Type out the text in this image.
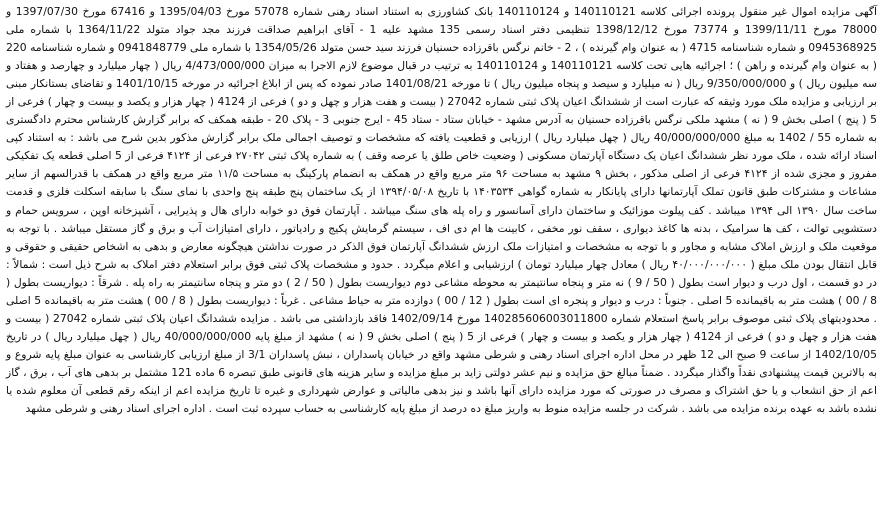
آگهی مزایده اموال غیر منقول پرونده اجرائی کلاسه 140110121 و 140110124 بانک کشاورزی به استناد اسناد رهنی شماره 57078 مورخ 1395/04/03 و 67416 مورخ 1397/07/30 و 78000 مورخ 1399/11/11 و 73774 مورخ 1398/12/12 تنظیمی دفتر اسناد رسمی 135 مشهد علیه 1 - آقای ابراهیم صداقت فرزند مجد جواد متولد 1364/11/22 با شماره ملی 0945368925 و شماره شناسنامه 4715 ( به عنوان وام گیرنده ) ، 2 - خانم نرگس باقرزاده حسنیان فرزند سید حسن متولد 1354/05/26 با شماره ملی 0941848779 و شماره شناسنامه 220 ( به عنوان وام گیرنده و راهن ) ؛ اجرائیه هایی تحت کلاسه 140110121 و 140110124 به ترتیب در قبال موضوع لازم الاجرا به میزان 4/473/000/000 ریال ( چهار میلیارد و چهارصد و هفتاد و سه میلیون ریال ) و 9/350/000/000 ریال ( نه میلیارد و سیصد و پنجاه میلیون ریال ) تا مورخه 1401/08/21 صادر نموده که پس از ابلاغ اجرائیه در مورخه 1401/10/15 و تقاضای بستانکار مبنی بر ارزیابی و مزایده ملک مورد وثیقه که عبارت است از ششدانگ اعیان پلاک ثبتی شماره 27042 ( بیست و هفت هزار و چهل و دو ) فرعی از 4124 ( چهار هزار و یکصد و بیست و چهار ) فرعی از 5 ( پنج ) اصلی بخش 9 ( نه ) مشهد ملکی نرگس باقرزاده حسنیان به آدرس مشهد - خیابان ستاد - ستاد 45 - ایرج جنوبی 3 - پلاک 20 - طبقه همکف که برابر گزارش کارشناس محترم دادگستری به شماره 55 / 1402 به مبلغ 40/000/000/000 ریال ( چهل میلیارد ریال ) ارزیابی و قطعیت یافته که مشخصات و توصیف اجمالی ملک برابر گزارش مذکور بدین شرح می باشد : به استناد کپی اسناد ارائه شده ، ملک مورد نظر ششدانگ اعیان یک دستگاه آپارتمان مسکونی ( وضعیت خاص طلق یا عرصه وقف ) به شماره پلاک ثبتی ۲۷۰۴۲ فرعی از ۴۱۲۴ فرعی از 5 اصلی قطعه یک تفکیکی مفروز و مجزی شده از ۴۱۲۴ فرعی از اصلی مذکور ، بخش ۹ مشهد به مساحت ۹۶ متر مربع واقع در همکف به انضمام پارکینگ به مساحت ۱۱/۵ متر مربع واقع در همکف با قدرالسهم از سایر مشاعات و مشترکات طبق قانون تملک آپارتمانها دارای پایانکار به شماره گواهی ۱۴۰۳۵۳۴ با تاریخ ۱۳۹۴/۰۵/۰۸ از یک ساختمان پنج طبقه پنج واحدی با نمای سنگ با سابقه اسکلت فلزی و قدمت ساخت سال ۱۳۹۰ الی ۱۳۹۴ میباشد . کف پیلوت موزائیک و ساختمان دارای آسانسور و راه پله های سنگ میباشد . آپارتمان فوق دو خوابه دارای هال و پذیرایی ، آشپزخانه اوپن ، سرویس حمام و دستشویی توالت ، کف ها سرامیک ، بدنه ها کاغذ دیواری ، سقف نور مخفی ، کابینت ها ام دی اف ، سیستم گرمایش پکیج و رادیاتور ، دارای امتیازات آب و برق و گاز مستقل میباشد . با توجه به موقعیت ملک و ارزش املاک مشابه و مجاور و با توجه به مشخصات و امتیازات ملک ارزش ششدانگ آپارتمان فوق الذکر در صورت نداشتن هیچگونه معارض و بدهی به اشخاص حقیقی و حقوقی و قابل انتقال بودن ملک مبلغ ( ۴۰/۰۰۰/۰۰۰/۰۰۰ ریال ) معادل چهار میلیارد تومان ) ارزشیابی و اعلام میگردد . حدود و مشخصات پلاک ثبتی فوق برابر استعلام دفتر املاک به شرح ذیل است : شمالاً : در دو قسمت ، اول درب و دیوار است بطول ( 50 / 9 ) نه متر و پنجاه سانتیمتر به محوطه مشاعی دوم دیواریست بطول ( 50 / 2 ) دو متر و پنجاه سانتیمتر به راه پله . شرقاً : دیواریست بطول ( 8 / 00 ) هشت متر به باقیمانده 5 اصلی . جنوباً : درب و دیوار و پنجره ای است بطول ( 12 / 00 ) دوازده متر به حیاط مشاعی . غرباً : دیواریست بطول ( 8 / 00 ) هشت متر به باقیمانده 5 اصلی . محدودیتهای پلاک ثبتی موصوف برابر پاسخ استعلام شماره 140285606003011800 مورخ 1402/09/14 فاقد بازداشتی می باشد . مزایده ششدانگ اعیان پلاک ثبتی شماره 27042 ( بیست و هفت هزار و چهل و دو ) فرعی از 4124 ( چهار هزار و یکصد و بیست و چهار ) فرعی از 5 ( پنج ) اصلی بخش 9 ( نه ) مشهد از مبلغ پایه 40/000/000/000 ریال ( چهل میلیارد ریال ) در تاریخ 1402/10/05 از ساعت 9 صبح الی 12 ظهر در محل اداره اجرای اسناد رهنی و شرطی مشهد واقع در خیابان پاسداران ، نبش پاسداران 3/1 از مبلغ ارزیابی کارشناسی به عنوان مبلغ پایه شروع و به بالاترین قیمت پیشنهادی نقداً واگذار میگردد . ضمناً مبالغ حق مزایده و نیم عشر دولتی زاید بر مبلغ مزایده و سایر هزینه های قانونی طبق تبصره 6 ماده 121 مشتمل بر بدهی های آب ، برق ، گاز اعم از حق انشعاب و یا حق اشتراک و مصرف در صورتی که مورد مزایده دارای آنها باشد و نیز بدهی مالیاتی و عوارض شهرداری و غیره تا تاریخ مزایده اعم از اینکه رقم قطعی آن معلوم شده یا نشده باشد به عهده برنده مزایده می باشد . شرکت در جلسه مزایده منوط به واریز مبلغ ده درصد از مبلغ پایه کارشناسی به حساب سپرده ثبت است . اداره اجرای اسناد رهنی و شرطی مشهد
